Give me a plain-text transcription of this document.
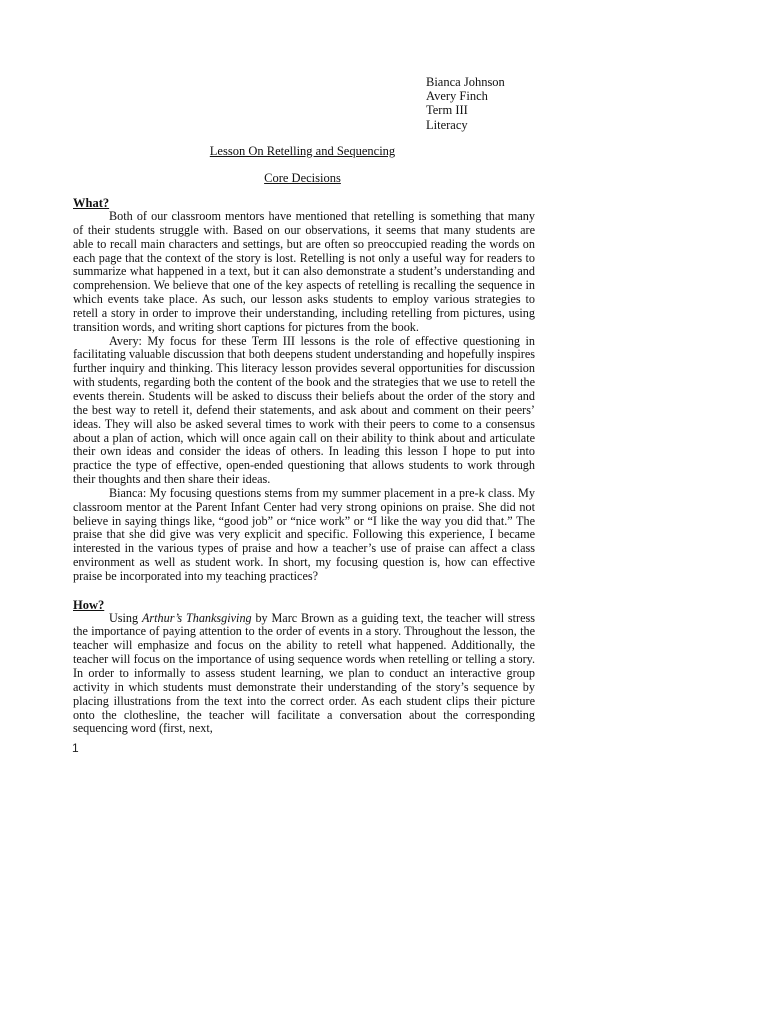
Bianca Johnson
Avery Finch
Term III
Literacy
Lesson On Retelling and Sequencing
Core Decisions

What?

Both of our classroom mentors have mentioned that retelling is something that many of their students struggle with. Based on our observations, it seems that many students are able to recall main characters and settings, but are often so preoccupied reading the words on each page that the context of the story is lost. Retelling is not only a useful way for readers to summarize what happened in a text, but it can also demonstrate a student’s understanding and comprehension. We believe that one of the key aspects of retelling is recalling the sequence in which events take place. As such, our lesson asks students to employ various strategies to retell a story in order to improve their understanding, including retelling from pictures, using transition words, and writing short captions for pictures from the book.

Avery: My focus for these Term III lessons is the role of effective questioning in facilitating valuable discussion that both deepens student understanding and hopefully inspires further inquiry and thinking. This literacy lesson provides several opportunities for discussion with students, regarding both the content of the book and the strategies that we use to retell the events therein. Students will be asked to discuss their beliefs about the order of the story and the best way to retell it, defend their statements, and ask about and comment on their peers’ ideas. They will also be asked several times to work with their peers to come to a consensus about a plan of action, which will once again call on their ability to think about and articulate their own ideas and consider the ideas of others. In leading this lesson I hope to put into practice the type of effective, open-ended questioning that allows students to work through their thoughts and then share their ideas.

Bianca: My focusing questions stems from my summer placement in a pre-k class. My classroom mentor at the Parent Infant Center had very strong opinions on praise. She did not believe in saying things like, “good job” or “nice work” or “I like the way you did that.” The praise that she did give was very explicit and specific. Following this experience, I became interested in the various types of praise and how a teacher’s use of praise can affect a class environment as well as student work. In short, my focusing question is, how can effective praise be incorporated into my teaching practices?

How?

Using Arthur’s Thanksgiving by Marc Brown as a guiding text, the teacher will stress the importance of paying attention to the order of events in a story. Throughout the lesson, the teacher will emphasize and focus on the ability to retell what happened. Additionally, the teacher will focus on the importance of using sequence words when retelling or telling a story. In order to informally to assess student learning, we plan to conduct an interactive group activity in which students must demonstrate their understanding of the story’s sequence by placing illustrations from the text into the correct order. As each student clips their picture onto the clothesline, the teacher will facilitate a conversation about the corresponding sequencing word (first, next,

1
